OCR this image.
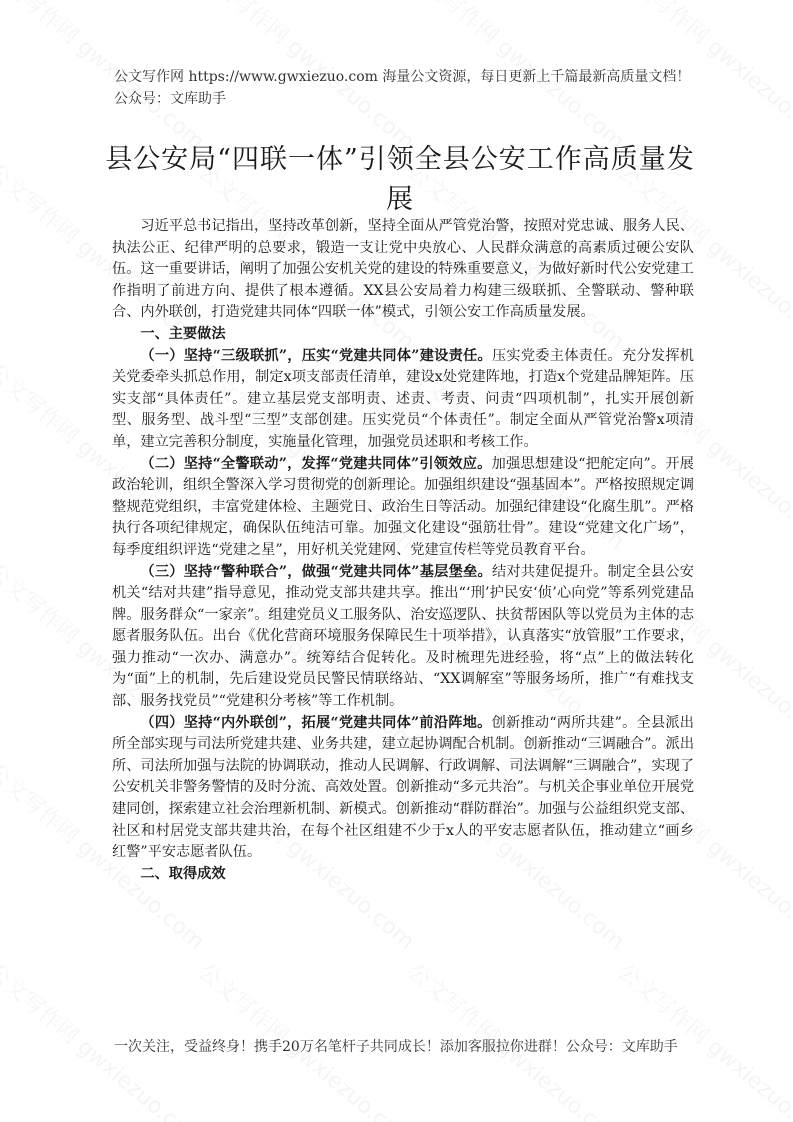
公文写作网 https://www.gwxiezuo.com 海量公文资源，每日更新上千篇最新高质量文档！ 公众号：文库助手
县公安局“四联一体”引领全县公安工作高质量发展

习近平总书记指出，坚持改革创新，坚持全面从严管党治警，按照对党忠诚、服务人民、执法公正、纪律严明的总要求，锻造一支让党中央放心、人民群众满意的高素质过硬公安队伍。这一重要讲话，阐明了加强公安机关党的建设的特殊重要意义，为做好新时代公安党建工作指明了前进方向、提供了根本遵循。XX县公安局着力构建三级联抓、全警联动、警种联合、内外联创，打造党建共同体“四联一体”模式，引领公安工作高质量发展。

一、主要做法

（一）坚持“三级联抓”，压实“党建共同体”建设责任。压实党委主体责任。充分发挥机关党委牵头抓总作用，制定x项支部责任清单，建设x处党建阵地，打造x个党建品牌矩阵。压实支部“具体责任”。建立基层党支部明责、述责、考责、问责“四项机制”，扎实开展创新型、服务型、战斗型“三型”支部创建。压实党员“个体责任”。制定全面从严管党治警x项清单，建立完善积分制度，实施量化管理，加强党员述职和考核工作。

（二）坚持“全警联动”，发挥“党建共同体”引领效应。加强思想建设“把舵定向”。开展政治轮训，组织全警深入学习贯彻党的创新理论。加强组织建设“强基固本”。严格按照规定调整规范党组织，丰富党建体检、主题党日、政治生日等活动。加强纪律建设“化腐生肌”。严格执行各项纪律规定，确保队伍纯洁可靠。加强文化建设“强筋壮骨”。建设“党建文化广场”，每季度组织评选“党建之星”，用好机关党建网、党建宣传栏等党员教育平台。

（三）坚持“警种联合”，做强“党建共同体”基层堡垒。结对共建促提升。制定全县公安机关“结对共建”指导意见，推动党支部共建共享。推出“‘刑’护民安‘侦’心向党”等系列党建品牌。服务群众“一家亲”。组建党员义工服务队、治安巡逻队、扶贫帮困队等以党员为主体的志愿者服务队伍。出台《优化营商环境服务保障民生十项举措》，认真落实“放管服”工作要求，强力推动“一次办、满意办”。统筹结合促转化。及时梳理先进经验，将“点”上的做法转化为“面”上的机制，先后建设党员民警民情联络站、“XX调解室”等服务场所，推广“有难找支部、服务找党员”“党建积分考核”等工作机制。

（四）坚持“内外联创”，拓展“党建共同体”前沿阵地。创新推动“两所共建”。全县派出所全部实现与司法所党建共建、业务共建，建立起协调配合机制。创新推动“三调融合”。派出所、司法所加强与法院的协调联动，推动人民调解、行政调解、司法调解“三调融合”，实现了公安机关非警务警情的及时分流、高效处置。创新推动“多元共治”。与机关企事业单位开展党建同创，探索建立社会治理新机制、新模式。创新推动“群防群治”。加强与公益组织党支部、社区和村居党支部共建共治，在每个社区组建不少于x人的平安志愿者队伍，推动建立“画乡红警”平安志愿者队伍。

二、取得成效

一次关注，受益终身！携手20万名笔杆子共同成长！添加客服拉你进群！公众号：文库助手
